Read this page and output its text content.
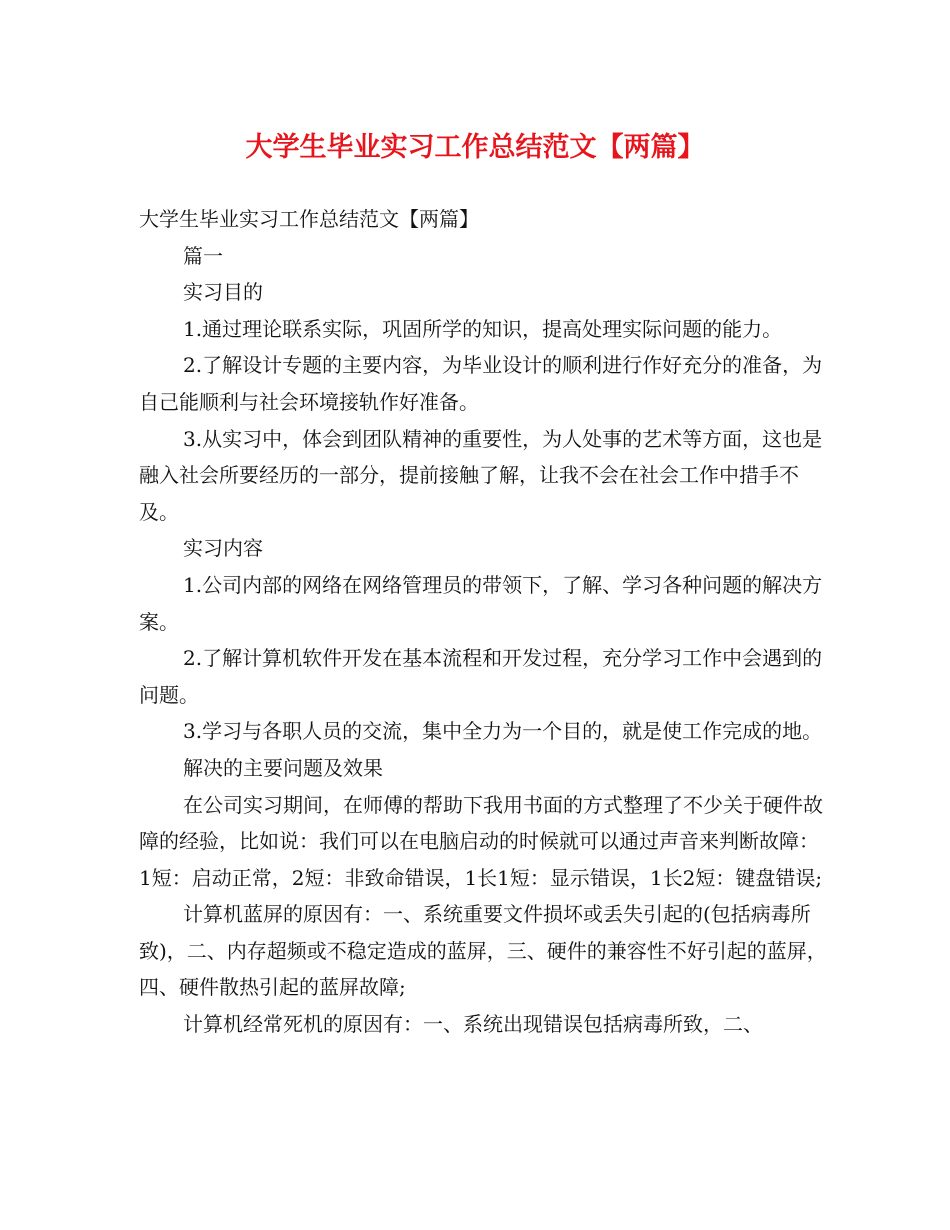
大学生毕业实习工作总结范文【两篇】

大学生毕业实习工作总结范文【两篇】

篇一

实习目的

1.通过理论联系实际，巩固所学的知识，提高处理实际问题的能力。

2.了解设计专题的主要内容，为毕业设计的顺利进行作好充分的准备，为自己能顺利与社会环境接轨作好准备。

3.从实习中，体会到团队精神的重要性，为人处事的艺术等方面，这也是融入社会所要经历的一部分，提前接触了解，让我不会在社会工作中措手不及。

实习内容

1.公司内部的网络在网络管理员的带领下，了解、学习各种问题的解决方案。

2.了解计算机软件开发在基本流程和开发过程，充分学习工作中会遇到的问题。

3.学习与各职人员的交流，集中全力为一个目的，就是使工作完成的地。

解决的主要问题及效果

在公司实习期间，在师傅的帮助下我用书面的方式整理了不少关于硬件故障的经验，比如说：我们可以在电脑启动的时候就可以通过声音来判断故障：1短：启动正常，2短：非致命错误，1长1短：显示错误，1长2短：键盘错误;

计算机蓝屏的原因有：一、系统重要文件损坏或丢失引起的(包括病毒所致)，二、内存超频或不稳定造成的蓝屏，三、硬件的兼容性不好引起的蓝屏，四、硬件散热引起的蓝屏故障;

计算机经常死机的原因有：一、系统出现错误包括病毒所致，二、
